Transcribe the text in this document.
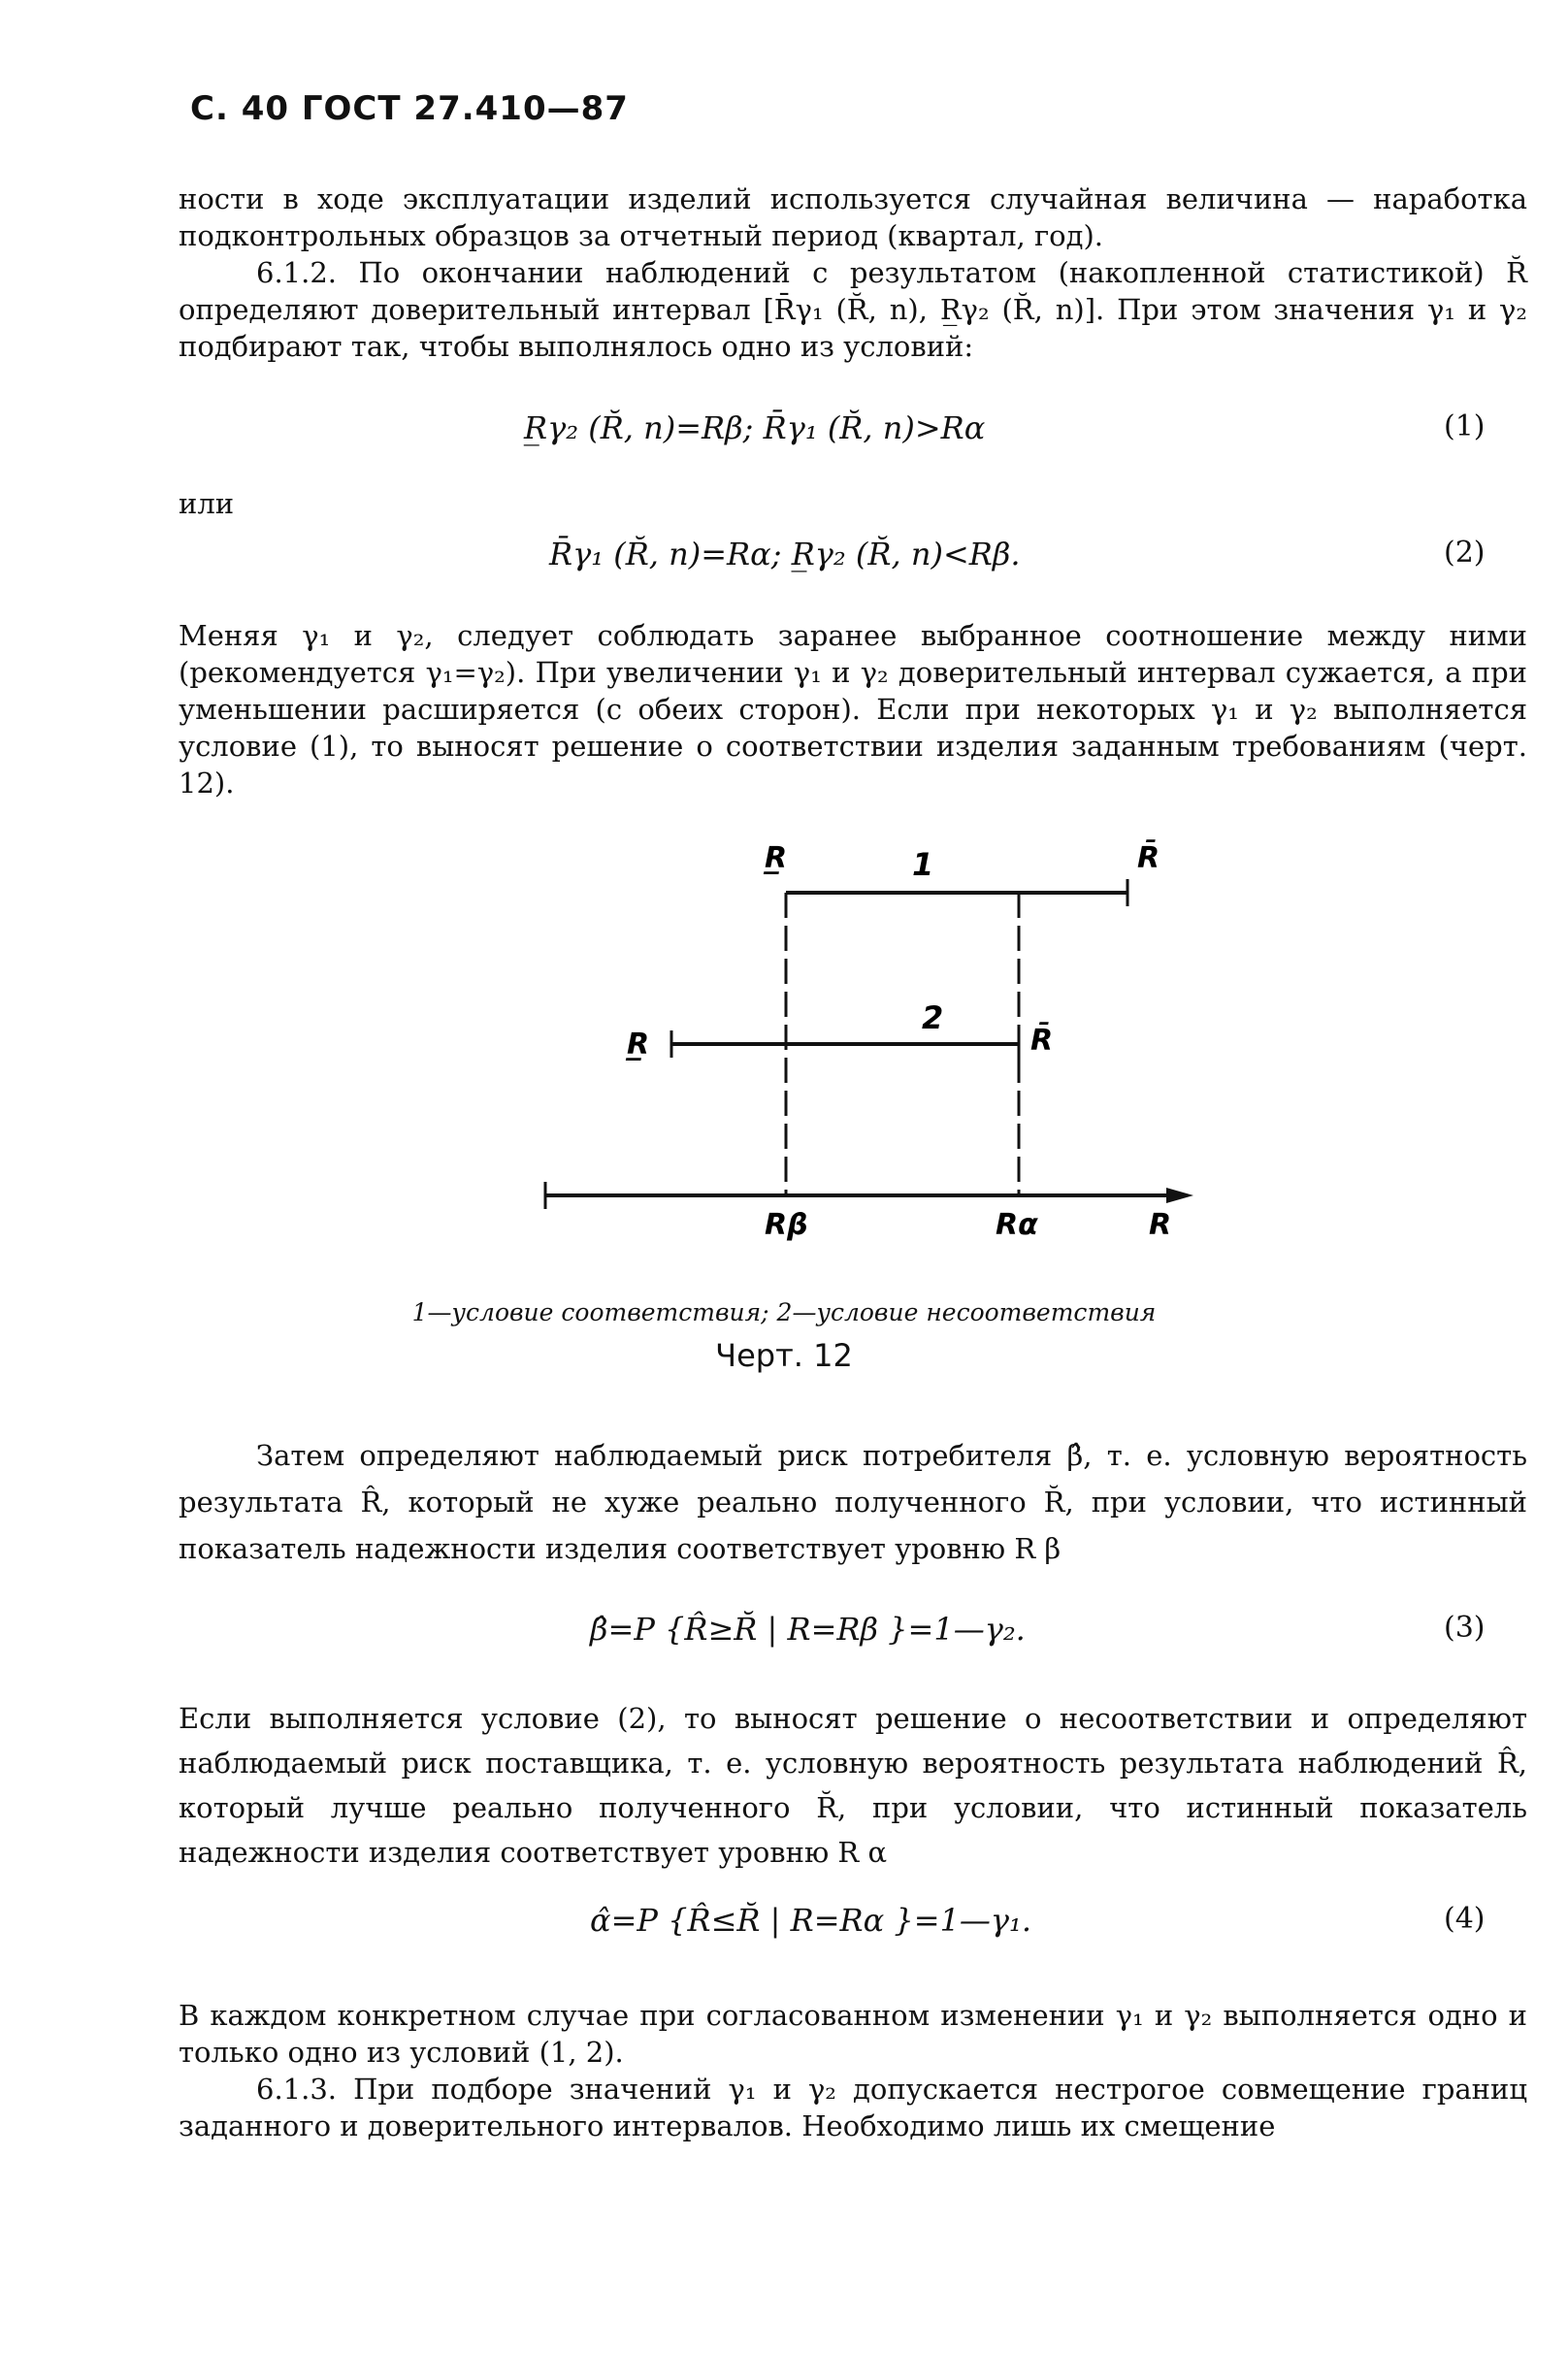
С. 40 ГОСТ 27.410—87

ности в ходе эксплуатации изделий используется случайная величина — наработка подконтрольных образцов за отчетный период (квартал, год).

6.1.2. По окончании наблюдений с результатом (накопленной статистикой) R̆ определяют доверительный интервал [R̄γ₁ (R̆, n), R̲γ₂ (R̆, n)]. При этом значения γ₁ и γ₂ подбирают так, чтобы выполнялось одно из условий:

R̲γ₂ (R̆, n)=Rβ; R̄γ₁ (R̆, n)>Rα	(1)
или
R̄γ₁ (R̆, n)=Rα; R̲γ₂ (R̆, n)<Rβ.	(2)

Меняя γ₁ и γ₂, следует соблюдать заранее выбранное соотношение между ними (рекомендуется γ₁=γ₂). При увеличении γ₁ и γ₂ доверительный интервал сужается, а при уменьшении расширяется (с обеих сторон). Если при некоторых γ₁ и γ₂ выполняется условие (1), то выносят решение о соответствии изделия заданным требованиям (черт. 12).

R̲	1	R̄
R̲
2
R̄
Rβ	Rα	R
1—условие соответствия; 2—условие несоответствия
Черт. 12

Затем определяют наблюдаемый риск потребителя β̂, т. е. условную вероятность результата R̂, который не хуже реально полученного R̆, при условии, что истинный показатель надежности изделия соответствует уровню R β

β̂=P {R̂≥R̆ | R=Rβ }=1—γ₂.	(3)

Если выполняется условие (2), то выносят решение о несоответствии и определяют наблюдаемый риск поставщика, т. е. условную вероятность результата наблюдений R̂, который лучше реально полученного R̆, при условии, что истинный показатель надежности изделия соответствует уровню R α

α̂=P {R̂≤R̆ | R=Rα }=1—γ₁.	(4)

В каждом конкретном случае при согласованном изменении γ₁ и γ₂ выполняется одно и только одно из условий (1, 2).

6.1.3. При подборе значений γ₁ и γ₂ допускается нестрогое совмещение границ заданного и доверительного интервалов. Необходимо лишь их смещение
